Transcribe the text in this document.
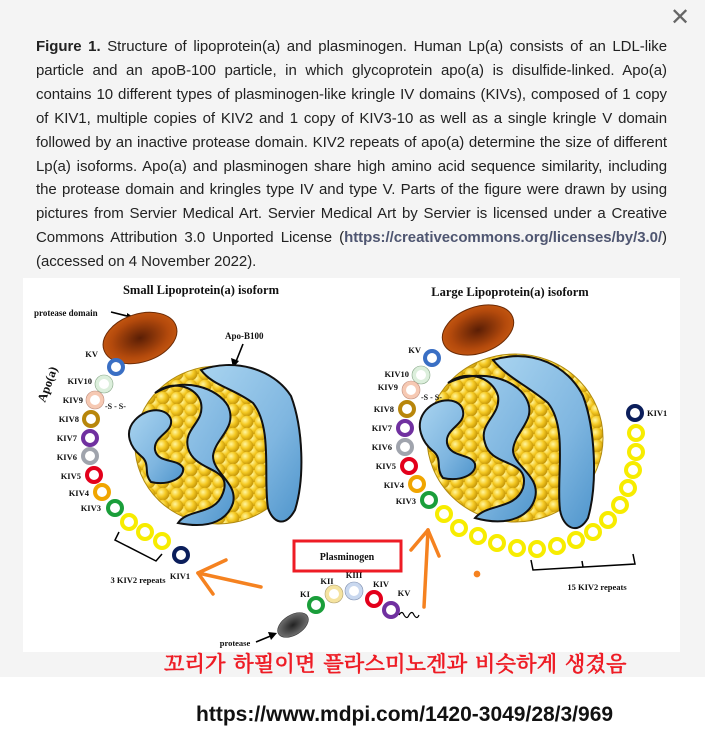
✕
Figure 1. Structure of lipoprotein(a) and plasminogen. Human Lp(a) consists of an LDL-like particle and an apoB-100 particle, in which glycoprotein apo(a) is disulfide-linked. Apo(a) contains 10 different types of plasminogen-like kringle IV domains (KIVs), composed of 1 copy of KIV1, multiple copies of KIV2 and 1 copy of KIV3-10 as well as a single kringle V domain followed by an inactive protease domain. KIV2 repeats of apo(a) determine the size of different Lp(a) isoforms. Apo(a) and plasminogen share high amino acid sequence similarity, including the protease domain and kringles type IV and type V. Parts of the figure were drawn by using pictures from Servier Medical Art. Servier Medical Art by Servier is licensed under a Creative Commons Attribution 3.0 Unported License (https://creativecommons.org/licenses/by/3.0/) (accessed on 4 November 2022).
Small Lipoprotein(a) isoform
protease domain
Apo-B100
Apo(a)
KV
KIV10
KIV9
-S - S-
KIV8
KIV7
KIV6
KIV5
KIV4
KIV3
3 KIV2 repeats KIV1
Large Lipoprotein(a) isoform
KV
KIV10
KIV9
-S - S-
KIV8
KIV7
KIV6
KIV5
KIV4
KIV3
KIV1
15 KIV2 repeats
Plasminogen
KI
KII
KIII
KIV
KV
protease
꼬리가 하필이면 플라스미노겐과 비슷하게 생겼음
https://www.mdpi.com/1420-3049/28/3/969
